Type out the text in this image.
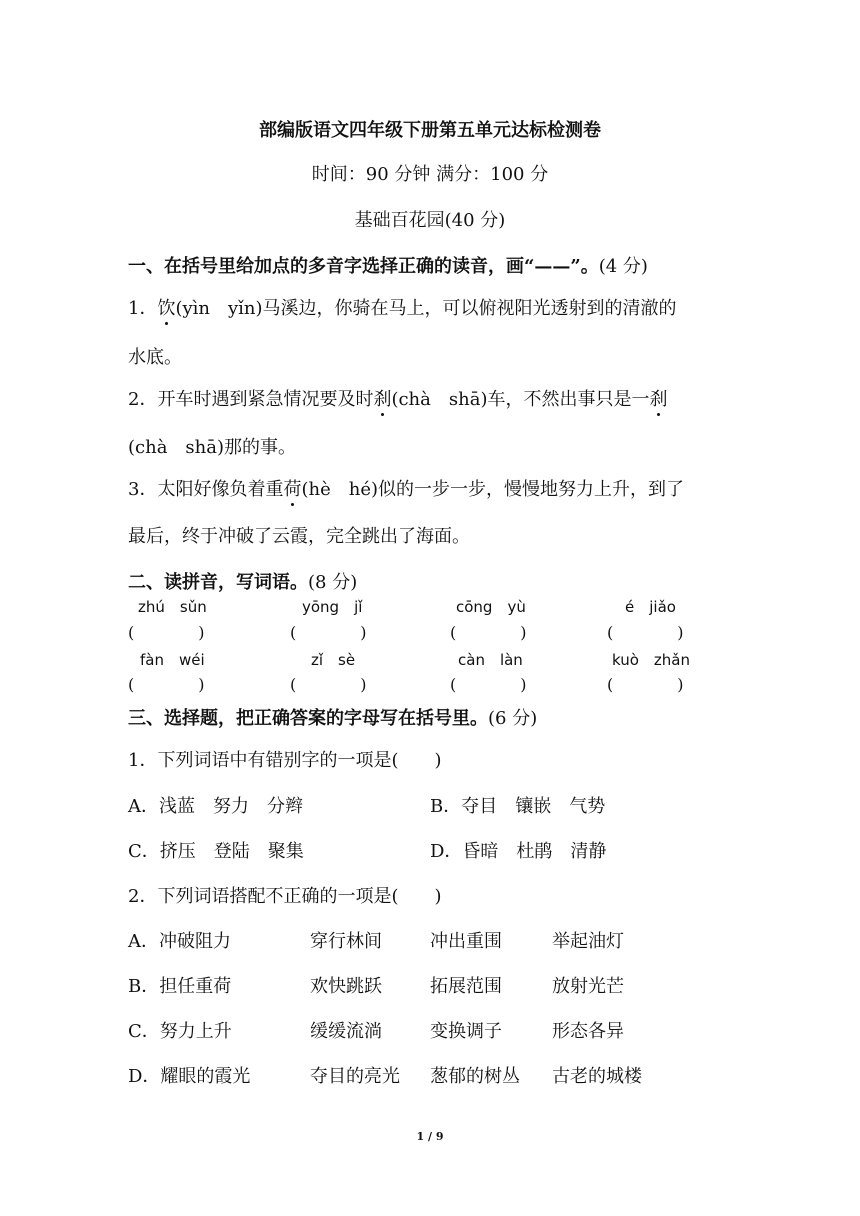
部编版语文四年级下册第五单元达标检测卷
时间：90 分钟 满分：100 分
基础百花园(40 分)
一、在括号里给加点的多音字选择正确的读音，画“——”。(4 分)
1．饮(yìn　yǐn)马溪边，你骑在马上，可以俯视阳光透射到的清澈的
水底。
2．开车时遇到紧急情况要及时刹(chà　shā)车，不然出事只是一刹
(chà　shā)那的事。
3．太阳好像负着重荷(hè　hé)似的一步一步，慢慢地努力上升，到了
最后，终于冲破了云霞，完全跳出了海面。
二、读拼音，写词语。(8 分)
zhú　sǔn	yōng　jǐ	cōng　yù	é　jiǎo
(　　　　)	(　　　　)	(　　　　)	(　　　　)
fàn　wéi	zǐ　sè	càn　làn	kuò　zhǎn
(　　　　)	(　　　　)	(　　　　)	(　　　　)
三、选择题，把正确答案的字母写在括号里。(6 分)
1．下列词语中有错别字的一项是(　　)
A．浅蓝　努力　分辫	B．夺目　镶嵌　气势
C．挤压　登陆　聚集	D．昏暗　杜鹃　清静
2．下列词语搭配不正确的一项是(　　)
A．冲破阻力	穿行林间	冲出重围	举起油灯
B．担任重荷	欢快跳跃	拓展范围	放射光芒
C．努力上升	缓缓流淌	变换调子	形态各异
D．耀眼的霞光	夺目的亮光 葱郁的树丛 古老的城楼
1 / 9
